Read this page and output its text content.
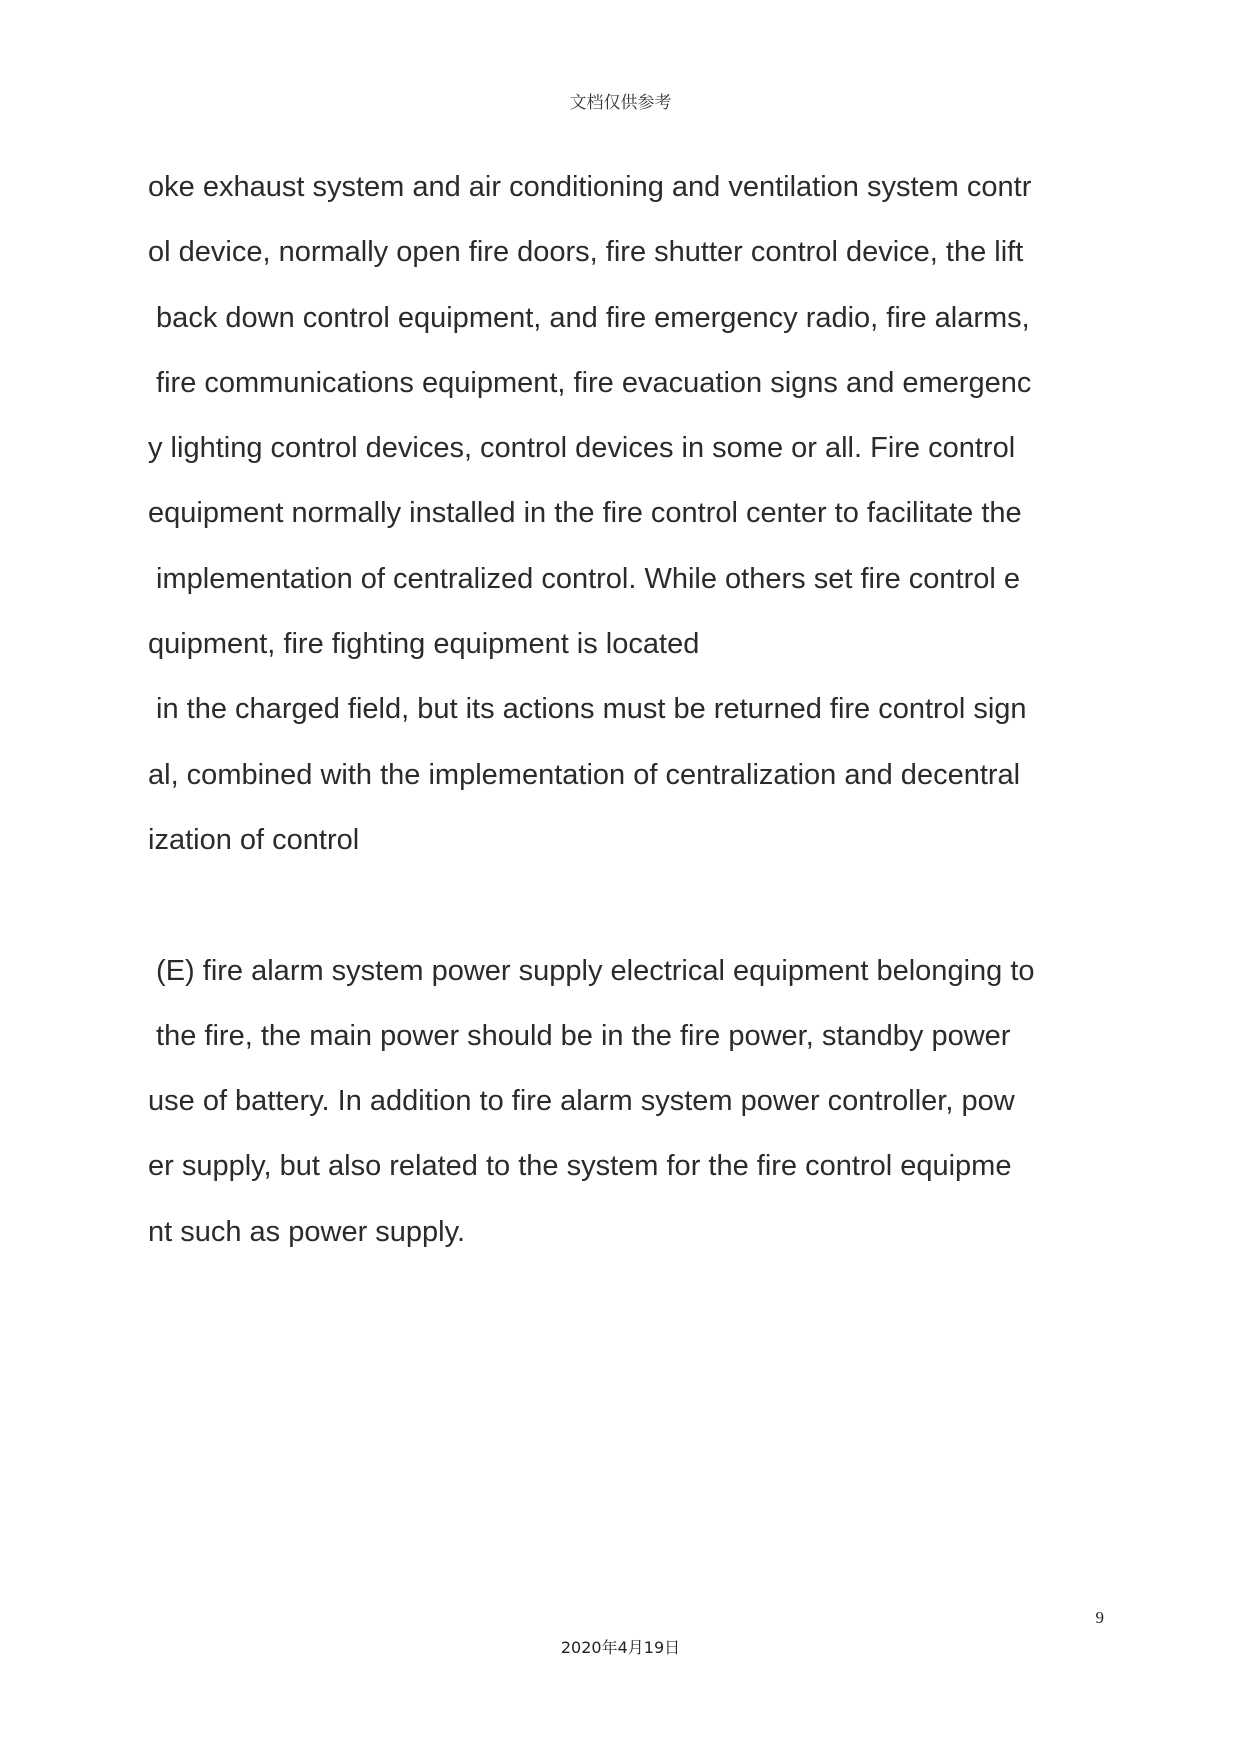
文档仅供参考
oke exhaust system and air conditioning and ventilation system contr
ol device, normally open fire doors, fire shutter control device, the lift
back down control equipment, and fire emergency radio, fire alarms,
fire communications equipment, fire evacuation signs and emergenc
y lighting control devices, control devices in some or all. Fire control
equipment normally installed in the fire control center to facilitate the
implementation of centralized control. While others set fire control e
quipment, fire fighting equipment is located
in the charged field, but its actions must be returned fire control sign
al, combined with the implementation of centralization and decentral
ization of control
(E) fire alarm system power supply electrical equipment belonging to
the fire, the main power should be in the fire power, standby power
use of battery. In addition to fire alarm system power controller, pow
er supply, but also related to the system for the fire control equipme
nt such as power supply.
9
2020年4月19日
